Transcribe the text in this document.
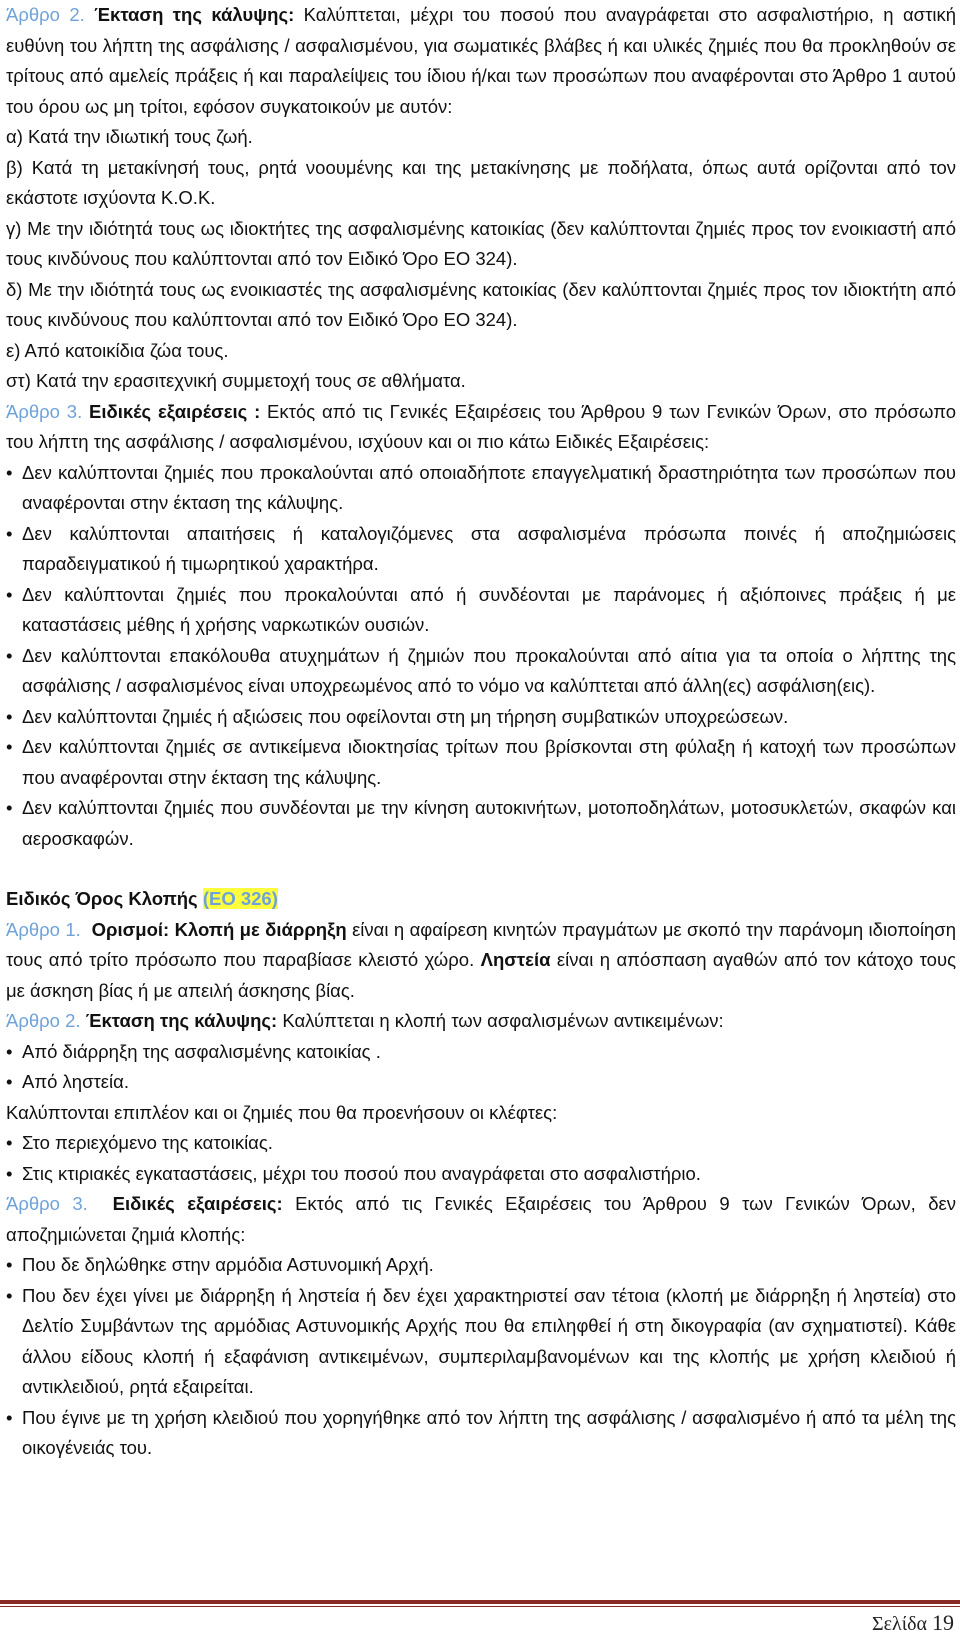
Άρθρο 2. Έκταση της κάλυψης: Καλύπτεται, μέχρι του ποσού που αναγράφεται στο ασφαλιστήριο, η αστική ευθύνη του λήπτη της ασφάλισης / ασφαλισμένου, για σωματικές βλάβες ή και υλικές ζημιές που θα προκληθούν σε τρίτους από αμελείς πράξεις ή και παραλείψεις του ίδιου ή/και των προσώπων που αναφέρονται στο Άρθρο 1 αυτού του όρου ως μη τρίτοι, εφόσον συγκατοικούν με αυτόν:

α) Κατά την ιδιωτική τους ζωή.

β) Κατά τη μετακίνησή τους, ρητά νοουμένης και της μετακίνησης με ποδήλατα, όπως αυτά ορίζονται από τον εκάστοτε ισχύοντα Κ.Ο.Κ.

γ) Με την ιδιότητά τους ως ιδιοκτήτες της ασφαλισμένης κατοικίας (δεν καλύπτονται ζημιές προς τον ενοικιαστή από τους κινδύνους που καλύπτονται από τον Ειδικό Όρο ΕΟ 324).

δ) Με την ιδιότητά τους ως ενοικιαστές της ασφαλισμένης κατοικίας (δεν καλύπτονται ζημιές προς τον ιδιοκτήτη από τους κινδύνους που καλύπτονται από τον Ειδικό Όρο ΕΟ 324).

ε) Από κατοικίδια ζώα τους.

στ) Κατά την ερασιτεχνική συμμετοχή τους σε αθλήματα.

Άρθρο 3. Ειδικές εξαιρέσεις : Εκτός από τις Γενικές Εξαιρέσεις του Άρθρου 9 των Γενικών Όρων, στο πρόσωπο του λήπτη της ασφάλισης / ασφαλισμένου, ισχύουν και οι πιο κάτω Ειδικές Εξαιρέσεις:

• Δεν καλύπτονται ζημιές που προκαλούνται από οποιαδήποτε επαγγελματική δραστηριότητα των προσώπων που αναφέρονται στην έκταση της κάλυψης.

• Δεν καλύπτονται απαιτήσεις ή καταλογιζόμενες στα ασφαλισμένα πρόσωπα ποινές ή αποζημιώσεις παραδειγματικού ή τιμωρητικού χαρακτήρα.

• Δεν καλύπτονται ζημιές που προκαλούνται από ή συνδέονται με παράνομες ή αξιόποινες πράξεις ή με καταστάσεις μέθης ή χρήσης ναρκωτικών ουσιών.

• Δεν καλύπτονται επακόλουθα ατυχημάτων ή ζημιών που προκαλούνται από αίτια για τα οποία ο λήπτης της ασφάλισης / ασφαλισμένος είναι υποχρεωμένος από το νόμο να καλύπτεται από άλλη(ες) ασφάλιση(εις).

• Δεν καλύπτονται ζημιές ή αξιώσεις που οφείλονται στη μη τήρηση συμβατικών υποχρεώσεων.

• Δεν καλύπτονται ζημιές σε αντικείμενα ιδιοκτησίας τρίτων που βρίσκονται στη φύλαξη ή κατοχή των προσώπων που αναφέρονται στην έκταση της κάλυψης.

• Δεν καλύπτονται ζημιές που συνδέονται με την κίνηση αυτοκινήτων, μοτοποδηλάτων, μοτοσυκλετών, σκαφών και αεροσκαφών.

Ειδικός Όρος Κλοπής (ΕΟ 326)

Άρθρο 1. Ορισμοί: Κλοπή με διάρρηξη είναι η αφαίρεση κινητών πραγμάτων με σκοπό την παράνομη ιδιοποίηση τους από τρίτο πρόσωπο που παραβίασε κλειστό χώρο. Ληστεία είναι η απόσπαση αγαθών από τον κάτοχο τους με άσκηση βίας ή με απειλή άσκησης βίας.

Άρθρο 2. Έκταση της κάλυψης: Καλύπτεται η κλοπή των ασφαλισμένων αντικειμένων:

• Από διάρρηξη της ασφαλισμένης κατοικίας .

• Από ληστεία.

Καλύπτονται επιπλέον και οι ζημιές που θα προενήσουν οι κλέφτες:

• Στο περιεχόμενο της κατοικίας.

• Στις κτιριακές εγκαταστάσεις, μέχρι του ποσού που αναγράφεται στο ασφαλιστήριο.

Άρθρο 3. Ειδικές εξαιρέσεις: Εκτός από τις Γενικές Εξαιρέσεις του Άρθρου 9 των Γενικών Όρων, δεν αποζημιώνεται ζημιά κλοπής:

• Που δε δηλώθηκε στην αρμόδια Αστυνομική Αρχή.

• Που δεν έχει γίνει με διάρρηξη ή ληστεία ή δεν έχει χαρακτηριστεί σαν τέτοια (κλοπή με διάρρηξη ή ληστεία) στο Δελτίο Συμβάντων της αρμόδιας Αστυνομικής Αρχής που θα επιληφθεί ή στη δικογραφία (αν σχηματιστεί). Κάθε άλλου είδους κλοπή ή εξαφάνιση αντικειμένων, συμπεριλαμβανομένων και της κλοπής με χρήση κλειδιού ή αντικλειδιού, ρητά εξαιρείται.

• Που έγινε με τη χρήση κλειδιού που χορηγήθηκε από τον λήπτη της ασφάλισης / ασφαλισμένο ή από τα μέλη της οικογένειάς του.

Σελίδα 19
